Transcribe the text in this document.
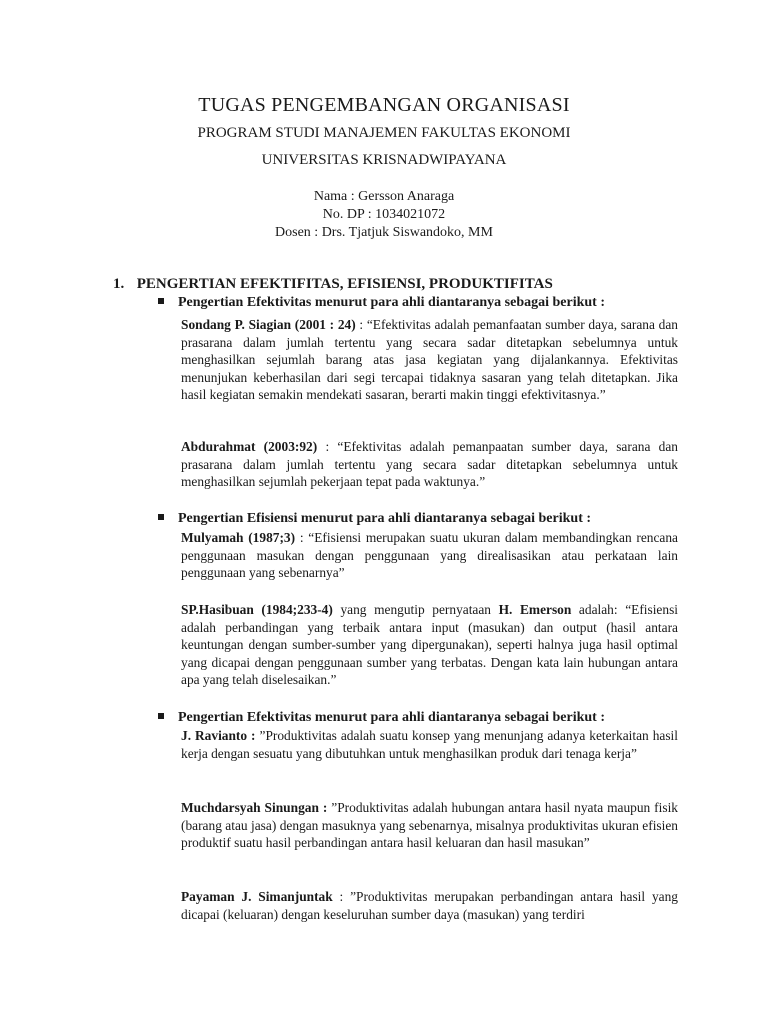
TUGAS PENGEMBANGAN ORGANISASI
PROGRAM STUDI MANAJEMEN FAKULTAS EKONOMI
UNIVERSITAS KRISNADWIPAYANA
Nama : Gersson Anaraga
No. DP : 1034021072
Dosen : Drs. Tjatjuk Siswandoko, MM
1. PENGERTIAN EFEKTIFITAS, EFISIENSI, PRODUKTIFITAS
Pengertian Efektivitas menurut para ahli diantaranya sebagai berikut :

Sondang P. Siagian (2001 : 24) : “Efektivitas adalah pemanfaatan sumber daya, sarana dan prasarana dalam jumlah tertentu yang secara sadar ditetapkan sebelumnya untuk menghasilkan sejumlah barang atas jasa kegiatan yang dijalankannya. Efektivitas menunjukan keberhasilan dari segi tercapai tidaknya sasaran yang telah ditetapkan. Jika hasil kegiatan semakin mendekati sasaran, berarti makin tinggi efektivitasnya.”

Abdurahmat (2003:92) : “Efektivitas adalah pemanpaatan sumber daya, sarana dan prasarana dalam jumlah tertentu yang secara sadar ditetapkan sebelumnya untuk menghasilkan sejumlah pekerjaan tepat pada waktunya.”

Pengertian Efisiensi menurut para ahli diantaranya sebagai berikut :

Mulyamah (1987;3) : “Efisiensi merupakan suatu ukuran dalam membandingkan rencana penggunaan masukan dengan penggunaan yang direalisasikan atau perkataan lain penggunaan yang sebenarnya”

SP.Hasibuan (1984;233-4) yang mengutip pernyataan H. Emerson adalah: “Efisiensi adalah perbandingan yang terbaik antara input (masukan) dan output (hasil antara keuntungan dengan sumber-sumber yang dipergunakan), seperti halnya juga hasil optimal yang dicapai dengan penggunaan sumber yang terbatas. Dengan kata lain hubungan antara apa yang telah diselesaikan.”

Pengertian Efektivitas menurut para ahli diantaranya sebagai berikut :

J. Ravianto : ”Produktivitas adalah suatu konsep yang menunjang adanya keterkaitan hasil kerja dengan sesuatu yang dibutuhkan untuk menghasilkan produk dari tenaga kerja”

Muchdarsyah Sinungan : ”Produktivitas adalah hubungan antara hasil nyata maupun fisik (barang atau jasa) dengan masuknya yang sebenarnya, misalnya produktivitas ukuran efisien produktif suatu hasil perbandingan antara hasil keluaran dan hasil masukan”

Payaman J. Simanjuntak : ”Produktivitas merupakan perbandingan antara hasil yang dicapai (keluaran) dengan keseluruhan sumber daya (masukan) yang terdiri
